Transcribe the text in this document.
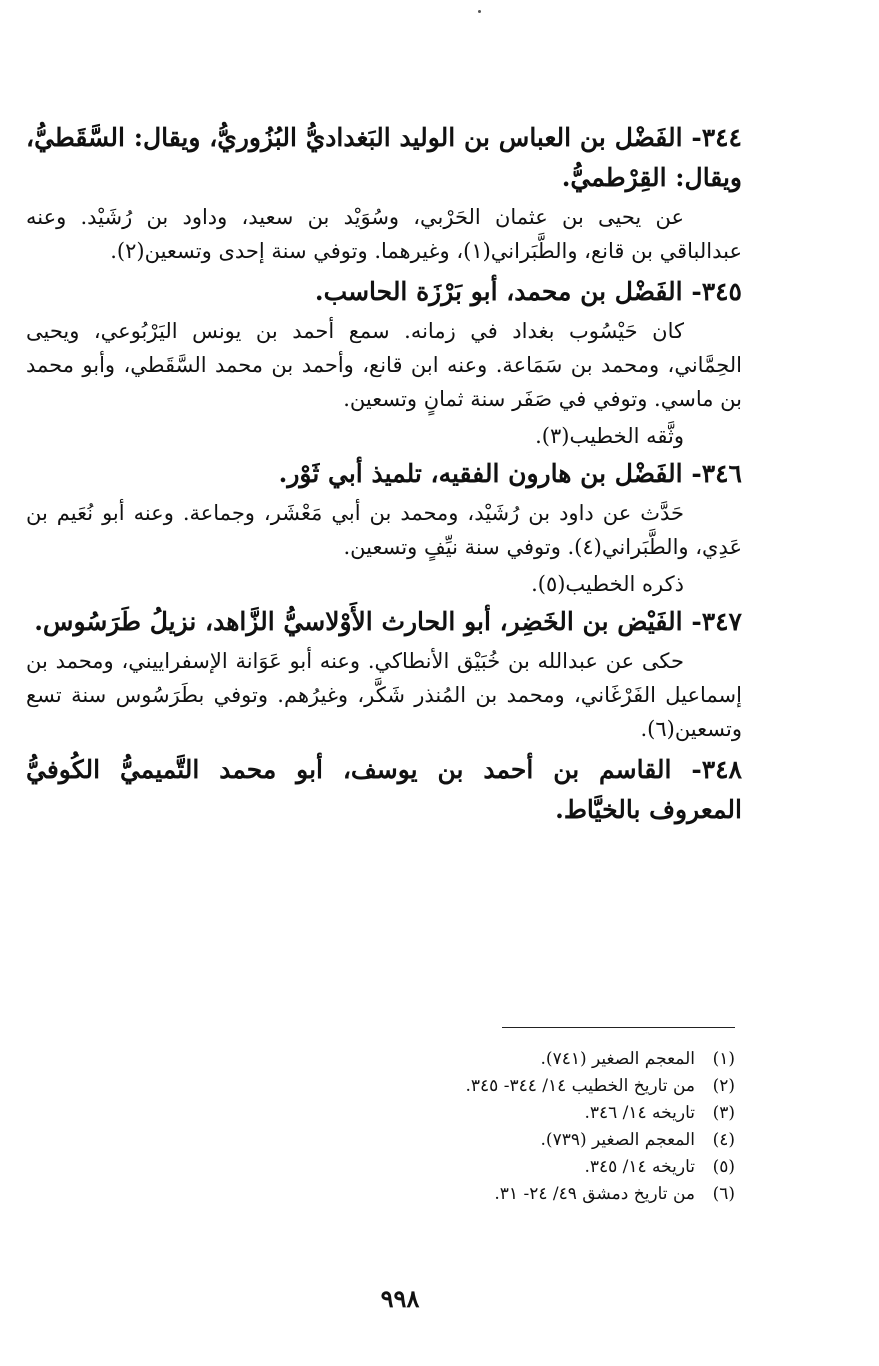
٣٤٤- الفَضْل بن العباس بن الوليد البَغداديُّ البُزُوريُّ، ويقال: السَّقَطيُّ، ويقال: القِرْطميُّ.

عن يحيى بن عثمان الحَرْبي، وسُوَيْد بن سعيد، وداود بن رُشَيْد. وعنه عبدالباقي بن قانع، والطَّبَراني(١)، وغيرهما. وتوفي سنة إحدى وتسعين(٢).

٣٤٥- الفَضْل بن محمد، أبو بَرْزَة الحاسب.

كان حَيْسُوب بغداد في زمانه. سمع أحمد بن يونس اليَرْبُوعي، ويحيى الحِمَّاني، ومحمد بن سَمَاعة. وعنه ابن قانع، وأحمد بن محمد السَّقَطي، وأبو محمد بن ماسي. وتوفي في صَفَر سنة ثمانٍ وتسعين.

وثَّقه الخطيب(٣).

٣٤٦- الفَضْل بن هارون الفقيه، تلميذ أبي ثَوْر.

حَدَّث عن داود بن رُشَيْد، ومحمد بن أبي مَعْشَر، وجماعة. وعنه أبو نُعَيم بن عَدِي، والطَّبَراني(٤). وتوفي سنة نيِّفٍ وتسعين.

ذكره الخطيب(٥).

٣٤٧- الفَيْض بن الخَضِر، أبو الحارث الأَوْلاسيُّ الزَّاهد، نزيلُ طَرَسُوس.

حكى عن عبدالله بن خُبَيْق الأنطاكي. وعنه أبو عَوَانة الإسفراييني، ومحمد بن إسماعيل الفَرْغَاني، ومحمد بن المُنذر شَكَّر، وغيرُهم. وتوفي بطَرَسُوس سنة تسع وتسعين(٦).

٣٤٨- القاسم بن أحمد بن يوسف، أبو محمد التَّميميُّ الكُوفيُّ المعروف بالخيَّاط.

(١)المعجم الصغير (٧٤١).
(٢)من تاريخ الخطيب ١٤/ ٣٤٤- ٣٤٥.
(٣)تاريخه ١٤/ ٣٤٦.
(٤)المعجم الصغير (٧٣٩).
(٥)تاريخه ١٤/ ٣٤٥.
(٦)من تاريخ دمشق ٤٩/ ٢٤- ٣١.
٩٩٨
